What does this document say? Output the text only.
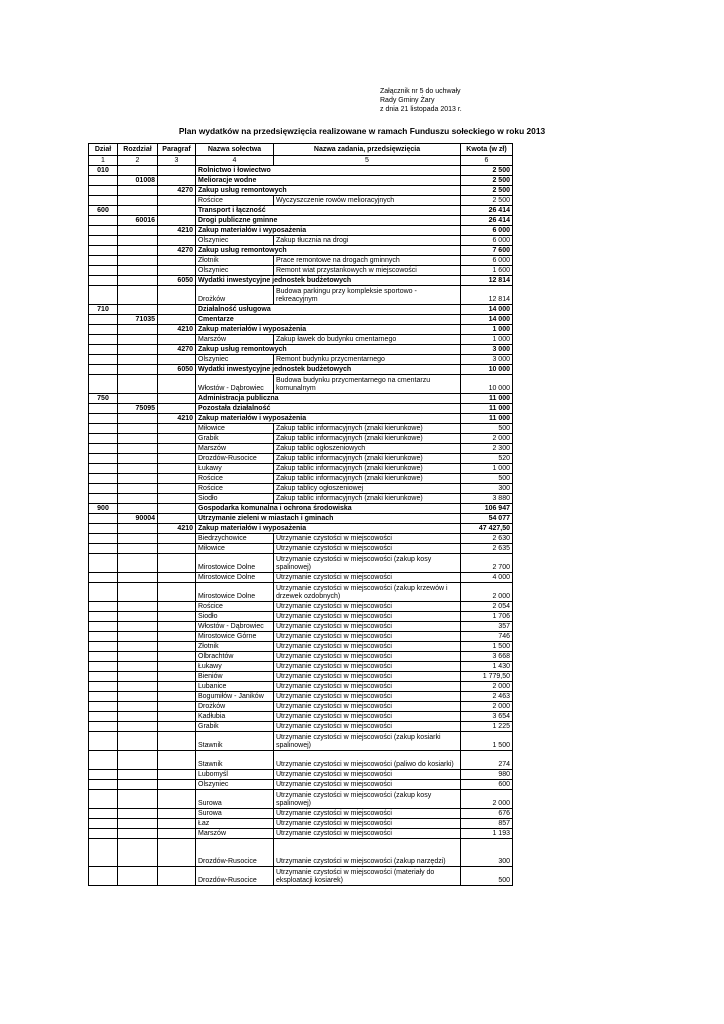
Załącznik nr 5 do uchwały
Rady Gminy Żary
z dnia 21 listopada 2013 r.
Plan wydatków na przedsięwzięcia realizowane w ramach Funduszu sołeckiego w roku 2013
Dział	Rozdział	Paragraf	Nazwa sołectwa	Nazwa zadania, przedsięwzięcia	Kwota (w zł)
1	2	3	4	5	6
010			Rolnictwo i łowiectwo		2 500
	01008		Melioracje wodne		2 500
		4270	Zakup usług remontowych		2 500
			Rościce	Wyczyszczenie rowów melioracyjnych	2 500
600			Transport i łączność		26 414
	60016		Drogi publiczne gminne		26 414
		4210	Zakup materiałów i wyposażenia		6 000
			Olszyniec	Zakup tłucznia na drogi	6 000
		4270	Zakup usług remontowych		7 600
			Złotnik	Prace remontowe na drogach gminnych	6 000
			Olszyniec	Remont wiat przystankowych w miejscowości	1 600
		6050	Wydatki inwestycyjne jednostek budżetowych		12 814
			Drożków	Budowa parkingu przy kompleksie sportowo - rekreacyjnym	12 814
710			Działalność usługowa		14 000
	71035		Cmentarze		14 000
		4210	Zakup materiałów i wyposażenia		1 000
			Marszów	Zakup ławek do budynku cmentarnego	1 000
		4270	Zakup usług remontowych		3 000
			Olszyniec	Remont budynku przycmentarnego	3 000
		6050	Wydatki inwestycyjne jednostek budżetowych		10 000
			Włostów - Dąbrowiec	Budowa budynku przycmentarnego na cmentarzu komunalnym	10 000
750			Administracja publiczna		11 000
	75095		Pozostała działalność		11 000
		4210	Zakup materiałów i wyposażenia		11 000
			Miłowice	Zakup tablic informacyjnych (znaki kierunkowe)	500
			Grabik	Zakup tablic informacyjnych (znaki kierunkowe)	2 000
			Marszów	Zakup tablic ogłoszeniowych	2 300
			Drozdów-Rusocice	Zakup tablic informacyjnych (znaki kierunkowe)	520
			Łukawy	Zakup tablic informacyjnych (znaki kierunkowe)	1 000
			Rościce	Zakup tablic informacyjnych (znaki kierunkowe)	500
			Rościce	Zakup tablicy ogłoszeniowej	300
			Siodło	Zakup tablic informacyjnych (znaki kierunkowe)	3 880
900			Gospodarka komunalna i ochrona środowiska		106 947
	90004		Utrzymanie zieleni w miastach i gminach		54 077
		4210	Zakup materiałów i wyposażenia		47 427,50
			Biedrzychowice	Utrzymanie czystości w miejscowości	2 630
			Miłowice	Utrzymanie czystości w miejscowości	2 635
			Mirostowice Dolne	Utrzymanie czystości w miejscowości (zakup kosy spalinowej)	2 700
			Mirostowice Dolne	Utrzymanie czystości w miejscowości	4 000
			Mirostowice Dolne	Utrzymanie czystości w miejscowości (zakup krzewów i drzewek ozdobnych)	2 000
			Rościce	Utrzymanie czystości w miejscowości	2 054
			Siodło	Utrzymanie czystości w miejscowości	1 706
			Włostów - Dąbrowiec	Utrzymanie czystości w miejscowości	357
			Mirostowice Górne	Utrzymanie czystości w miejscowości	746
			Złotnik	Utrzymanie czystości w miejscowości	1 500
			Olbrachtów	Utrzymanie czystości w miejscowości	3 668
			Łukawy	Utrzymanie czystości w miejscowości	1 430
			Bieniów	Utrzymanie czystości w miejscowości	1 779,50
			Lubanice	Utrzymanie czystości w miejscowości	2 000
			Bogumiłów - Janików	Utrzymanie czystości w miejscowości	2 463
			Drożków	Utrzymanie czystości w miejscowości	2 000
			Kadłubia	Utrzymanie czystości w miejscowości	3 654
			Grabik	Utrzymanie czystości w miejscowości	1 225
			Stawnik	Utrzymanie czystości w miejscowości (zakup kosiarki spalinowej)	1 500
			Stawnik	Utrzymanie czystości w miejscowości (paliwo do kosiarki)	274
			Lubomyśl	Utrzymanie czystości w miejscowości	980
			Olszyniec	Utrzymanie czystości w miejscowości	600
			Surowa	Utrzymanie czystości w miejscowości (zakup kosy spalinowej)	2 000
			Surowa	Utrzymanie czystości w miejscowości	676
			Łaz	Utrzymanie czystości w miejscowości	857
			Marszów	Utrzymanie czystości w miejscowości	1 193
			Drozdów-Rusocice	Utrzymanie czystości w miejscowości (zakup narzędzi)	300
			Drozdów-Rusocice	Utrzymanie czystości w miejscowości (materiały do eksploatacji kosiarek)	500
